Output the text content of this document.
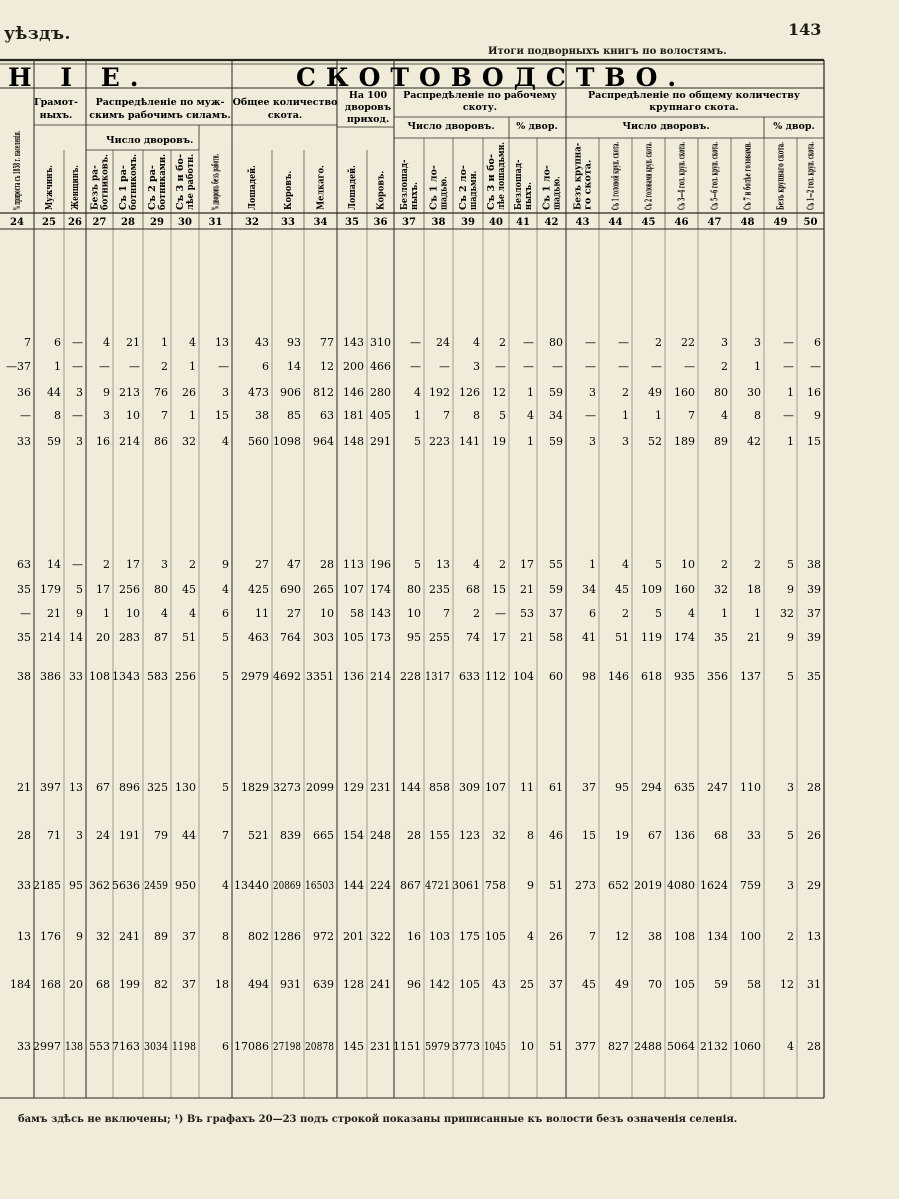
уѣздъ.
Итоги подворныхъ книгъ по волостямъ.
143
Н I Е.	СКОТОВОДСТВО.
Грамот-
ныхъ.
Распредѣленіе по муж-
скимъ рабочимъ силамъ.
Общее количество
скота.
На 100
дворовъ
приход.
Распредѣленіе по рабочему
скоту.
Распредѣленіе по общему количеству
крупнаго скота.
Число дворовъ.
Число дворовъ. % двор.	Число дворовъ.	% двор.
% прироста съ 1858 г. населенія. Мужчинъ. Женщинъ. Безъ ра- ботниковъ. Съ 1 ра- ботникомъ. Съ 2 ра- ботниками. Съ 3 и бо- лѣе работн. % дворовъ безъ работн.	Лошадей.	Коровъ.	Мелкаго. Лошадей. Коровъ. Безлошад- ныхъ. Съ 1 ло- шадью. Съ 2 ло- шадьми. Съ 3 и бо- лѣе лошадьми. Безлошад- ныхъ. Съ 1 ло- шадью. Безъ крупна- го скота. Съ 1 головой круп. скота.	Съ 2 головами круп. скота.	Съ 3—4 гол. круп. скота.	Съ 5—6 гол. круп. скота.	Съ 7 и болѣе головами.	Безъ крупнаго скота. Съ 1—2 гол. круп. скота.
24 25 26 27 28 29 30 31 32 33 34 35 36 37 38 39 40 41 42 43 44 45 46 47 48 49 50
7 6 — 4 21 1 4 13 43 93 77 143 310 — 24 4 2 — 80 — — 2 22 3 3 — 6
—37 1 — — — 2 1 —	6 14 12 200 466 — — 3 — — — — — — — 2 1 — —
36 44 3 9 213 76 26 3 473 906 812 146 280 4 192 126 12 1 59 3 2 49 160 80 30 1 16
— 8 — 3 10 7 1 15 38 85 63 181 405 1 7 8 5 4 34 — 1 1 7 4 8 — 9
33 59 3 16 214 86 32 4 560 1098 964 148 291 5 223 141 19 1 59 3 3 52 189 89 42 1 15
63 14 — 2 17 3 2 9 27 47 28 113 196 5 13 4 2 17 55 1 4 5 10 2 2 5 38
35 179 5 17 256 80 45 4 425 690 265 107 174 80 235 68 15 21 59 34 45 109 160 32 18 9 39
— 21 9 1 10 4 4 6 11 27 10 58 143 10 7 2 — 53 37 6 2 5 4 1 1 32 37
35 214 14 20 283 87 51 5 463 764 303 105 173 95 255 74 17 21 58 41 51 119 174 35 21 9 39
38 386 33 108 1343 583 256 5 2979 4692 3351 136 214 228 1317 633 112 104 60 98 146 618 935 356 137 5 35
21 397 13 67 896 325 130 5 1829 3273 2099 129 231 144 858 309 107 11 61 37 95 294 635 247 110 3 28
28 71 3 24 191 79 44 7 521 839 665 154 248 28 155 123 32 8 46 15 19 67 136 68 33 5 26
33 2185 95 362 5636 2459 950 4 13440 20869 16503 144 224 867 4721 3061 758 9 51 273 652 2019 4080 1624 759 3 29
13 176 9 32 241 89 37 8 802 1286 972 201 322 16 103 175 105 4 26 7 12 38 108 134 100 2 13
184 168 20 68 199 82 37 18 494 931 639 128 241 96 142 105 43 25 37 45 49 70 105 59 58 12 31
33 2997 138 553 7163 3034 1198 6 17086 27198 20878 145 231 1151 5979 3773 1045 10 51 377 827 2488 5064 2132 1060 4 28
бамъ здѣсь не включены; ¹) Въ графахъ 20—23 подъ строкой показаны приписанные къ волости безъ означенія селенія.
